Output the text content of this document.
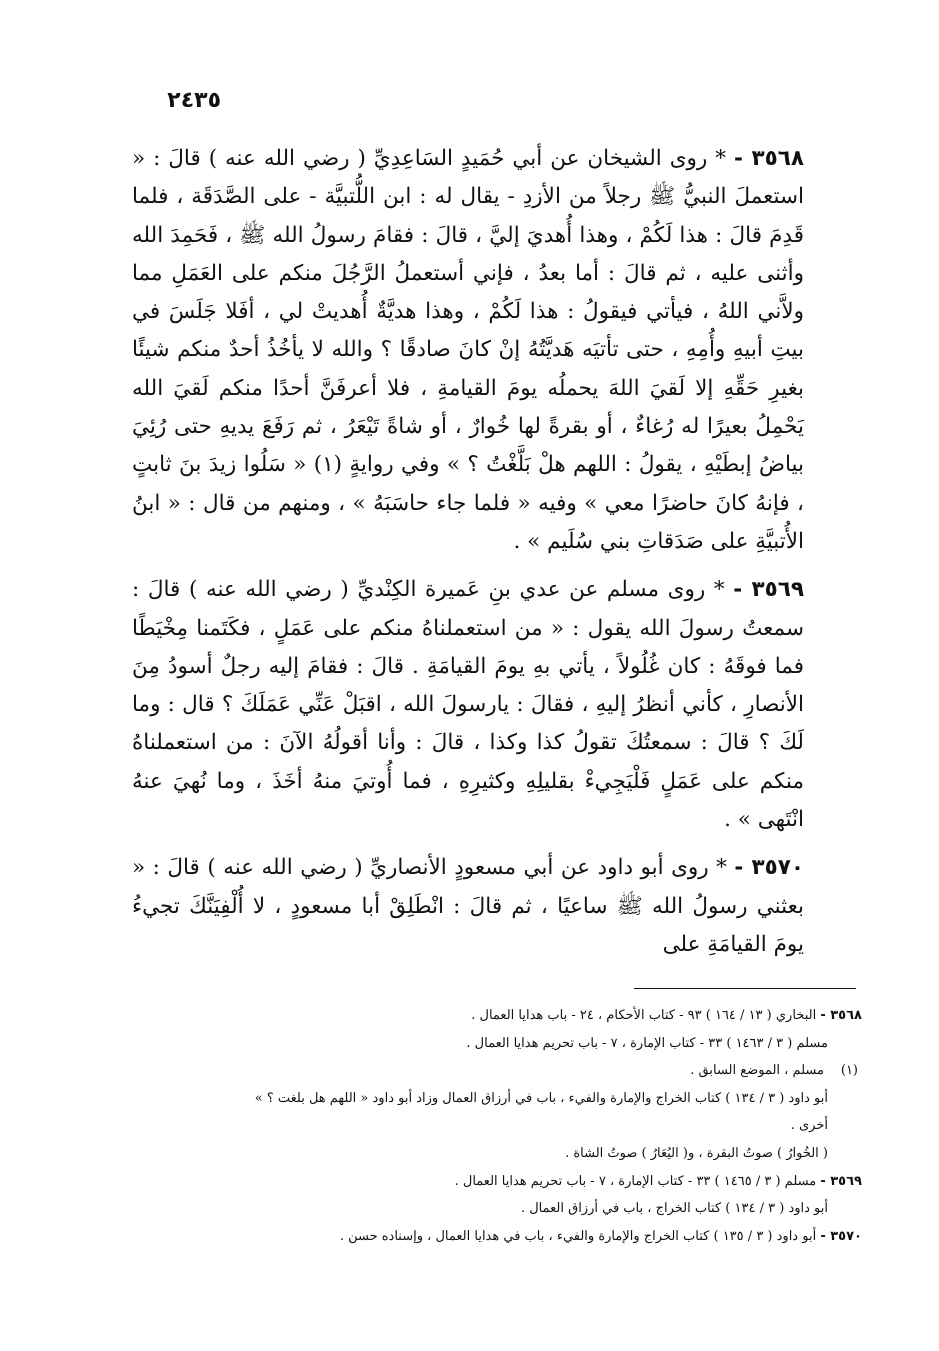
٢٤٣٥

٣٥٦٨ - * روى الشيخان عن أبي حُمَيدٍ السَاعِدِيِّ ( رضي الله عنه ) قالَ : « استعملَ النبيُّ ﷺ رجلاً من الأزدِ - يقال له : ابن اللُّتبيَّة - على الصَّدَقَة ، فلما قَدِمَ قالَ : هذا لَكُمْ ، وهذا أُهديَ إليَّ ، قالَ : فقامَ رسولُ الله ﷺ ، فَحَمِدَ الله وأثنى عليه ، ثم قالَ : أما بعدُ ، فإني أستعملُ الرَّجُلَ منكم على العَمَلِ مما ولاَّني اللهُ ، فيأتي فيقولُ : هذا لَكُمْ ، وهذا هديَّةٌ أُهديتْ لي ، أفَلا جَلَسَ في بيتِ أبيهِ وأُمِهِ ، حتى تأتيَه هَديَّتُهُ إنْ كانَ صادقًا ؟ والله لا يأخُذُ أحدٌ منكم شيئًا بغيرِ حَقِّهِ إلا لَقيَ اللهَ يحملُه يومَ القيامةِ ، فلا أعرفَنَّ أحدًا منكم لَقيَ الله يَحْمِلُ بعيرًا له رُغاءٌ ، أو بقرةً لها خُوارٌ ، أو شاةً تَيْعَرُ ، ثم رَفَعَ يديهِ حتى رُئِيَ بياضُ إبطَيْهِ ، يقولُ : اللهم هلْ بَلَّغْتُ ؟ » وفي روايةٍ (١) « سَلُوا زيدَ بنَ ثابتٍ ، فإنهُ كانَ حاضرًا معي » وفيه « فلما جاء حاسَبَهُ » ، ومنهم من قال : « ابنُ الأُتبيَّةِ على صَدَقاتِ بني سُلَيم » .

٣٥٦٩ - * روى مسلم عن عدي بنِ عَميرة الكِنْديِّ ( رضي الله عنه ) قالَ : سمعتُ رسولَ الله يقول : « من استعملناهُ منكم على عَمَلٍ ، فكَتَمنا مِخْيَطًا فما فوقَهُ : كان غُلُولاً ، يأتي بهِ يومَ القيامَةِ . قالَ : فقامَ إليه رجلٌ أسودُ مِنَ الأنصارِ ، كأني أنظرُ إليهِ ، فقالَ : يارسولَ الله ، اقبَلْ عَنِّي عَمَلَكَ ؟ قال : وما لَكَ ؟ قالَ : سمعتُكَ تقولُ كذا وكذا ، قالَ : وأنا أقولُهُ الآنَ : من استعملناهُ منكم على عَمَلٍ فَلْيَجِيءْ بقليلِهِ وكثيرِهِ ، فما أُوتيَ منهُ أخَذَ ، وما نُهيَ عنهُ انْتَهى » .

٣٥٧٠ - * روى أبو داود عن أبي مسعودٍ الأنصاريِّ ( رضي الله عنه ) قالَ : « بعثني رسولُ الله ﷺ ساعيًا ، ثم قالَ : انْطَلِقْ أبا مسعودٍ ، لا أُلْفِيَنَّكَ تجيءُ يومَ القيامَةِ على

٣٥٦٨ - البخاري ( ١٣ / ١٦٤ ) ٩٣ - كتاب الأحكام ، ٢٤ - باب هدايا العمال .

مسلم ( ٣ / ١٤٦٣ ) ٣٣ - كتاب الإمارة ، ٧ - باب تحريم هدايا العمال .

(١)مسلم ، الموضع السابق .

أبو داود ( ٣ / ١٣٤ ) كتاب الخراج والإمارة والفيء ، باب في أرزاق العمال وزاد أبو داود « اللهم هل بلغت ؟ »

أخرى .

( الخُوارُ ) صوتُ البقرة ، و( اليُعَارُ ) صوتُ الشاة .

٣٥٦٩ - مسلم ( ٣ / ١٤٦٥ ) ٣٣ - كتاب الإمارة ، ٧ - باب تحريم هدايا العمال .

أبو داود ( ٣ / ١٣٤ ) كتاب الخراج ، باب في أرزاق العمال .

٣٥٧٠ - أبو داود ( ٣ / ١٣٥ ) كتاب الخراج والإمارة والفيء ، باب في هدايا العمال ، وإسناده حسن .
